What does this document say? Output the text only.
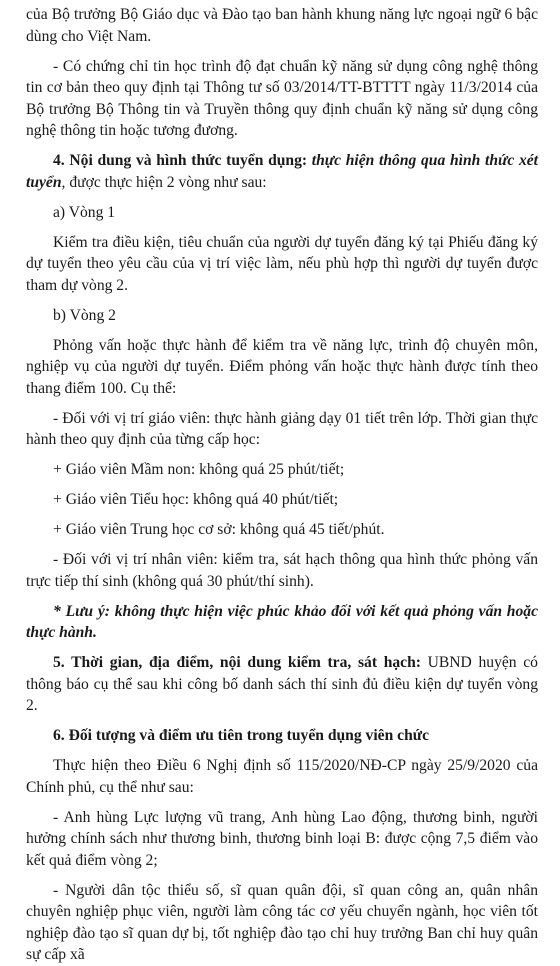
của Bộ trưởng Bộ Giáo dục và Đào tạo ban hành khung năng lực ngoại ngữ 6 bậc dùng cho Việt Nam.

- Có chứng chỉ tin học trình độ đạt chuẩn kỹ năng sử dụng công nghệ thông tin cơ bản theo quy định tại Thông tư số 03/2014/TT-BTTTT ngày 11/3/2014 của Bộ trưởng Bộ Thông tin và Truyền thông quy định chuẩn kỹ năng sử dụng công nghệ thông tin hoặc tương đương.

4. Nội dung và hình thức tuyển dụng: thực hiện thông qua hình thức xét tuyển, được thực hiện 2 vòng như sau:

a) Vòng 1

Kiểm tra điều kiện, tiêu chuẩn của người dự tuyển đăng ký tại Phiếu đăng ký dự tuyển theo yêu cầu của vị trí việc làm, nếu phù hợp thì người dự tuyển được tham dự vòng 2.

b) Vòng 2

Phỏng vấn hoặc thực hành để kiểm tra về năng lực, trình độ chuyên môn, nghiệp vụ của người dự tuyển. Điểm phỏng vấn hoặc thực hành được tính theo thang điểm 100. Cụ thể:

- Đối với vị trí giáo viên: thực hành giảng dạy 01 tiết trên lớp. Thời gian thực hành theo quy định của từng cấp học:

+ Giáo viên Mầm non: không quá 25 phút/tiết;

+ Giáo viên Tiểu học: không quá 40 phút/tiết;

+ Giáo viên Trung học cơ sở: không quá 45 tiết/phút.

- Đối với vị trí nhân viên: kiểm tra, sát hạch thông qua hình thức phỏng vấn trực tiếp thí sinh (không quá 30 phút/thí sinh).

* Lưu ý: không thực hiện việc phúc khảo đối với kết quả phỏng vấn hoặc thực hành.

5. Thời gian, địa điểm, nội dung kiểm tra, sát hạch: UBND huyện có thông báo cụ thể sau khi công bố danh sách thí sinh đủ điều kiện dự tuyển vòng 2.

6. Đối tượng và điểm ưu tiên trong tuyển dụng viên chức

Thực hiện theo Điều 6 Nghị định số 115/2020/NĐ-CP ngày 25/9/2020 của Chính phủ, cụ thể như sau:

- Anh hùng Lực lượng vũ trang, Anh hùng Lao động, thương binh, người hưởng chính sách như thương binh, thương binh loại B: được cộng 7,5 điểm vào kết quả điểm vòng 2;

- Người dân tộc thiểu số, sĩ quan quân đội, sĩ quan công an, quân nhân chuyên nghiệp phục viên, người làm công tác cơ yếu chuyển ngành, học viên tốt nghiệp đào tạo sĩ quan dự bị, tốt nghiệp đào tạo chỉ huy trưởng Ban chỉ huy quân sự cấp xã
